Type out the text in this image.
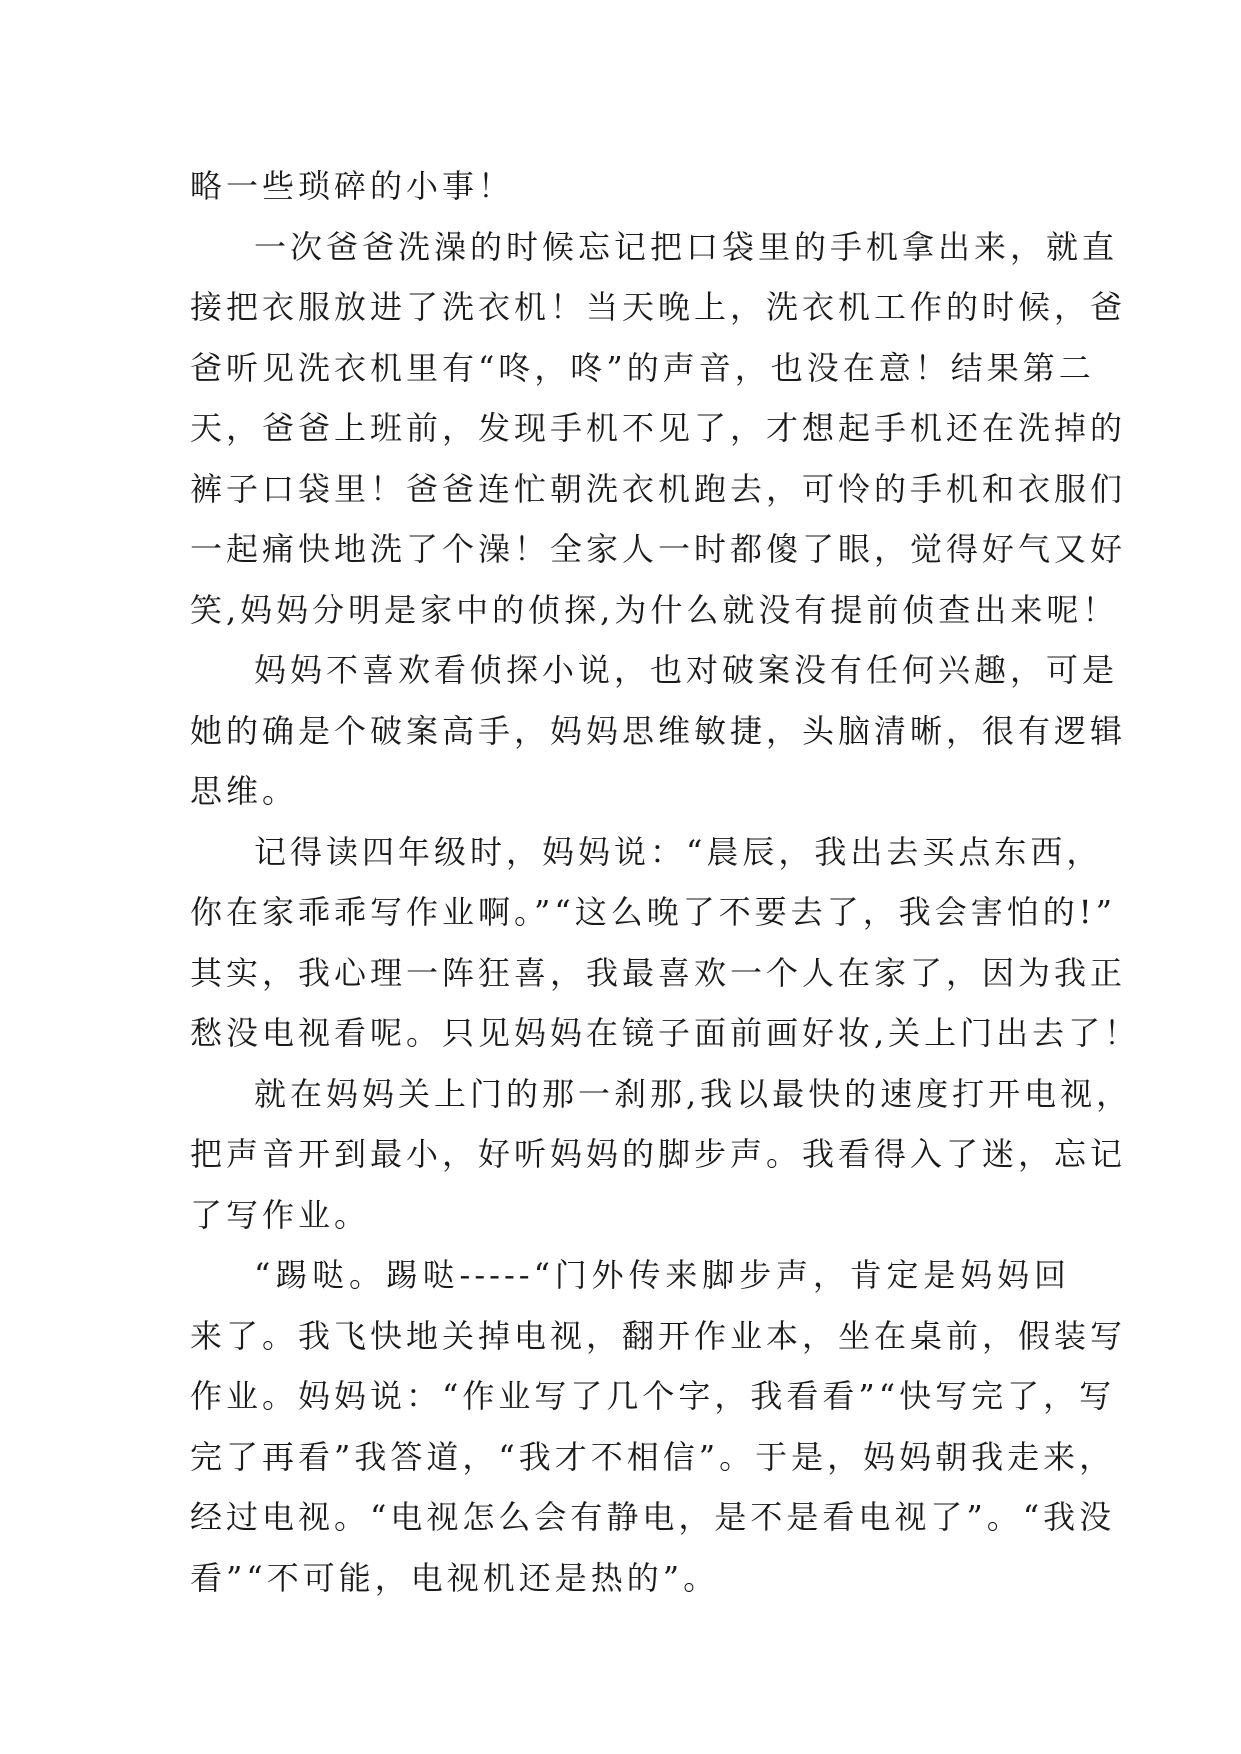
略一些琐碎的小事！
一次爸爸洗澡的时候忘记把口袋里的手机拿出来，就直
接把衣服放进了洗衣机！当天晚上，洗衣机工作的时候，爸
爸听见洗衣机里有“咚，咚”的声音，也没在意！结果第二
天，爸爸上班前，发现手机不见了，才想起手机还在洗掉的
裤子口袋里！爸爸连忙朝洗衣机跑去，可怜的手机和衣服们
一起痛快地洗了个澡！全家人一时都傻了眼，觉得好气又好
笑,妈妈分明是家中的侦探,为什么就没有提前侦查出来呢！
妈妈不喜欢看侦探小说，也对破案没有任何兴趣，可是
她的确是个破案高手，妈妈思维敏捷，头脑清晰，很有逻辑
思维。
记得读四年级时，妈妈说：“晨辰，我出去买点东西，
你在家乖乖写作业啊。”“这么晚了不要去了，我会害怕的!”
其实，我心理一阵狂喜，我最喜欢一个人在家了，因为我正
愁没电视看呢。只见妈妈在镜子面前画好妆,关上门出去了！
就在妈妈关上门的那一刹那,我以最快的速度打开电视，
把声音开到最小，好听妈妈的脚步声。我看得入了迷，忘记
了写作业。
“踢哒。踢哒-----“门外传来脚步声，肯定是妈妈回
来了。我飞快地关掉电视，翻开作业本，坐在桌前，假装写
作业。妈妈说：“作业写了几个字，我看看”“快写完了，写
完了再看”我答道，“我才不相信”。于是，妈妈朝我走来，
经过电视。“电视怎么会有静电，是不是看电视了”。“我没
看”“不可能，电视机还是热的”。
